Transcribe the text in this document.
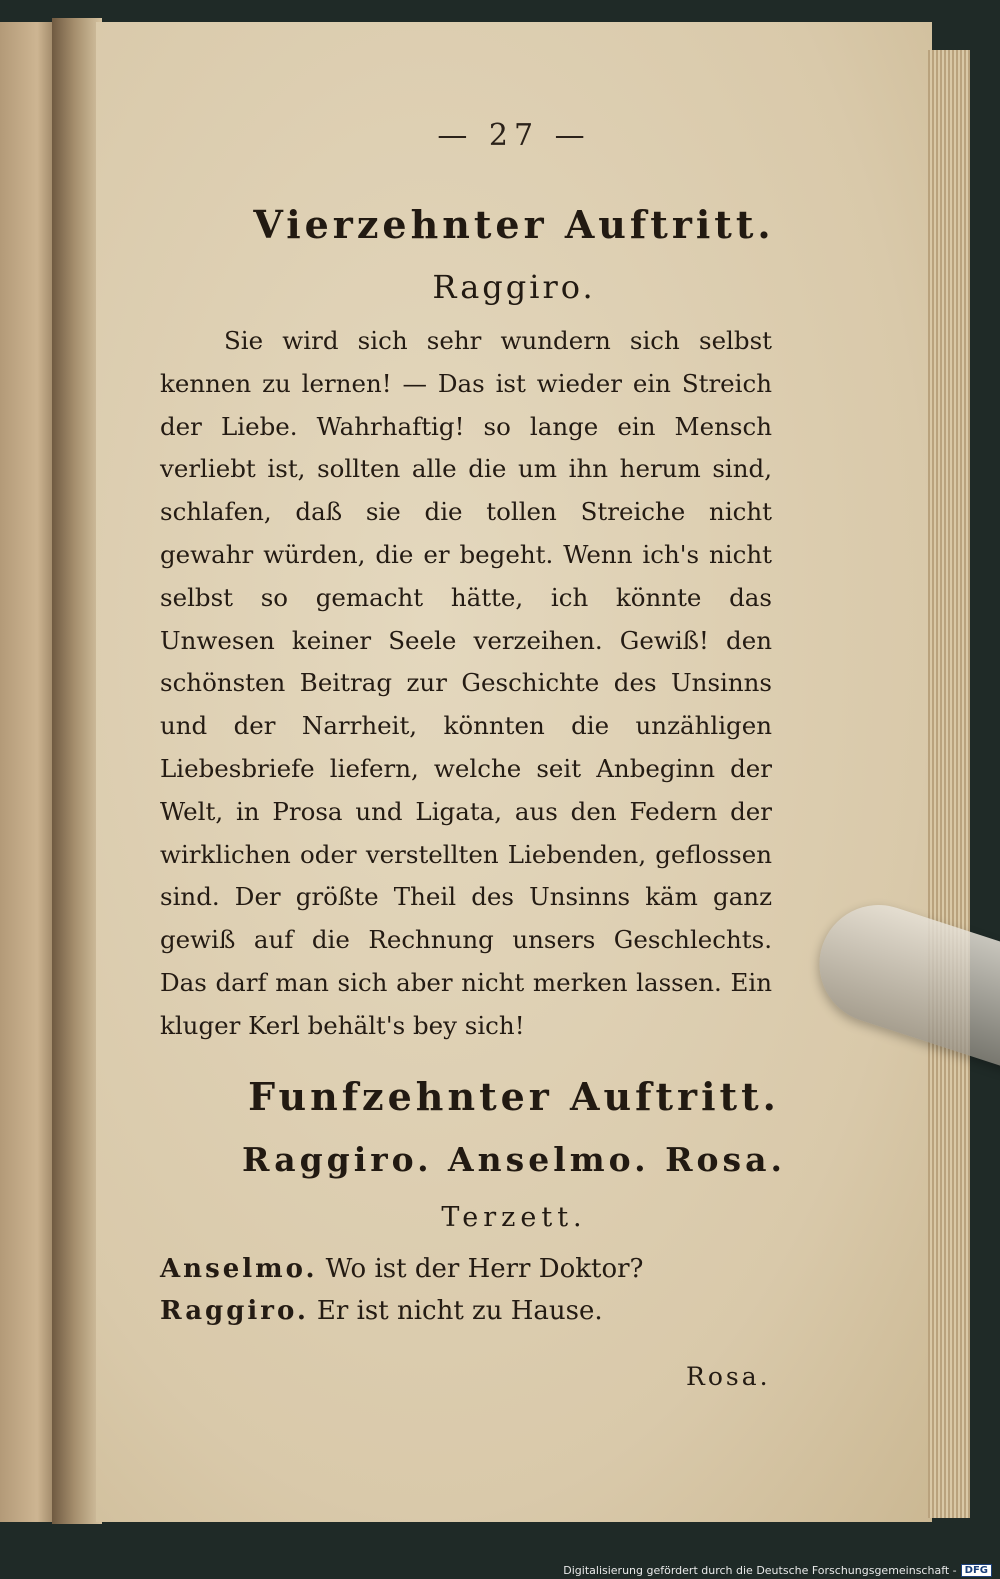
— 27 —
Vierzehnter Auftritt.
Raggiro.

Sie wird sich sehr wundern sich selbst kennen zu lernen! — Das ist wieder ein Streich der Liebe. Wahrhaftig! so lange ein Mensch verliebt ist, sollten alle die um ihn herum sind, schlafen, daß sie die tollen Streiche nicht gewahr würden, die er begeht. Wenn ich's nicht selbst so gemacht hätte, ich könnte das Unwesen keiner Seele verzeihen. Gewiß! den schönsten Beitrag zur Geschichte des Unsinns und der Narrheit, könnten die unzähligen Liebesbriefe liefern, welche seit Anbeginn der Welt, in Prosa und Ligata, aus den Federn der wirklichen oder verstellten Liebenden, geflossen sind. Der größte Theil des Unsinns käm ganz gewiß auf die Rechnung unsers Geschlechts. Das darf man sich aber nicht merken lassen. Ein kluger Kerl behält's bey sich!

Funfzehnter Auftritt.
Raggiro. Anselmo. Rosa.
Terzett.
Anselmo. Wo ist der Herr Doktor?
Raggiro. Er ist nicht zu Hause.
Rosa.
Digitalisierung gefördert durch die Deutsche Forschungsgemeinschaft - DFG
